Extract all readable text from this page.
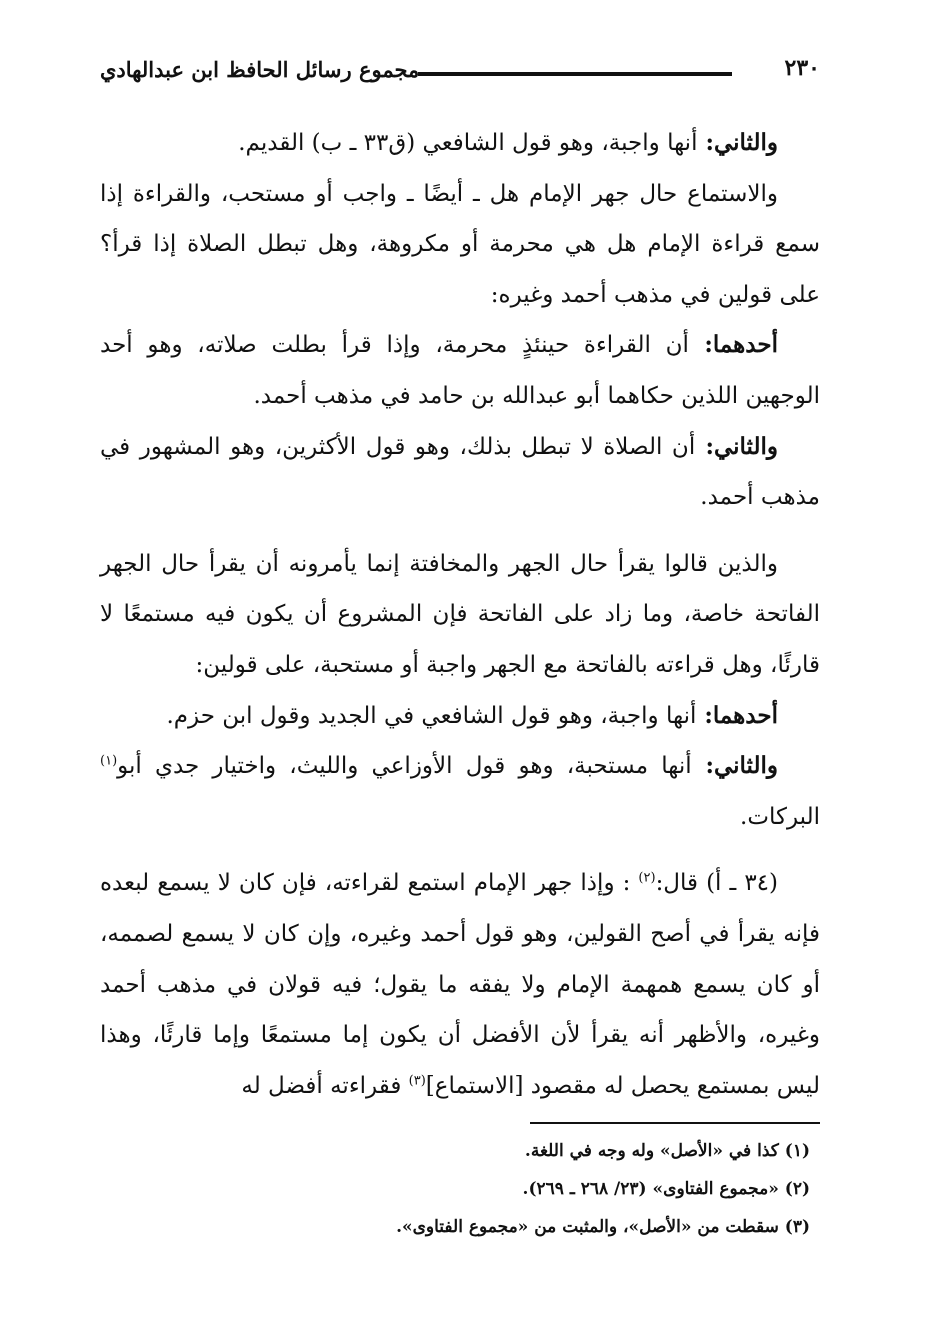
٢٣٠
مجموع رسائل الحافظ ابن عبدالهادي

والثاني: أنها واجبة، وهو قول الشافعي (ق٣٣ ـ ب) القديم.

والاستماع حال جهر الإمام هل ـ أيضًا ـ واجب أو مستحب، والقراءة إذا سمع قراءة الإمام هل هي محرمة أو مكروهة، وهل تبطل الصلاة إذا قرأ؟ على قولين في مذهب أحمد وغيره:

أحدهما: أن القراءة حينئذٍ محرمة، وإذا قرأ بطلت صلاته، وهو أحد الوجهين اللذين حكاهما أبو عبدالله بن حامد في مذهب أحمد.

والثاني: أن الصلاة لا تبطل بذلك، وهو قول الأكثرين، وهو المشهور في مذهب أحمد.

والذين قالوا يقرأ حال الجهر والمخافتة إنما يأمرونه أن يقرأ حال الجهر الفاتحة خاصة، وما زاد على الفاتحة فإن المشروع أن يكون فيه مستمعًا لا قارئًا، وهل قراءته بالفاتحة مع الجهر واجبة أو مستحبة، على قولين:

أحدهما: أنها واجبة، وهو قول الشافعي في الجديد وقول ابن حزم.

والثاني: أنها مستحبة، وهو قول الأوزاعي والليث، واختيار جدي أبو$^{(١)}$ البركات.

(٣٤ ـ أ) قال:$^{(٢)}$ : وإذا جهر الإمام استمع لقراءته، فإن كان لا يسمع لبعده فإنه يقرأ في أصح القولين، وهو قول أحمد وغيره، وإن كان لا يسمع لصممه، أو كان يسمع همهمة الإمام ولا يفقه ما يقول؛ فيه قولان في مذهب أحمد وغيره، والأظهر أنه يقرأ لأن الأفضل أن يكون إما مستمعًا وإما قارئًا، وهذا ليس بمستمع يحصل له مقصود [الاستماع]$^{(٣)}$ فقراءته أفضل له

(١) كذا في «الأصل» وله وجه في اللغة.

(٢) «مجموع الفتاوى» (٢٣/ ٢٦٨ ـ ٢٦٩).

(٣) سقطت من «الأصل»، والمثبت من «مجموع الفتاوى».
